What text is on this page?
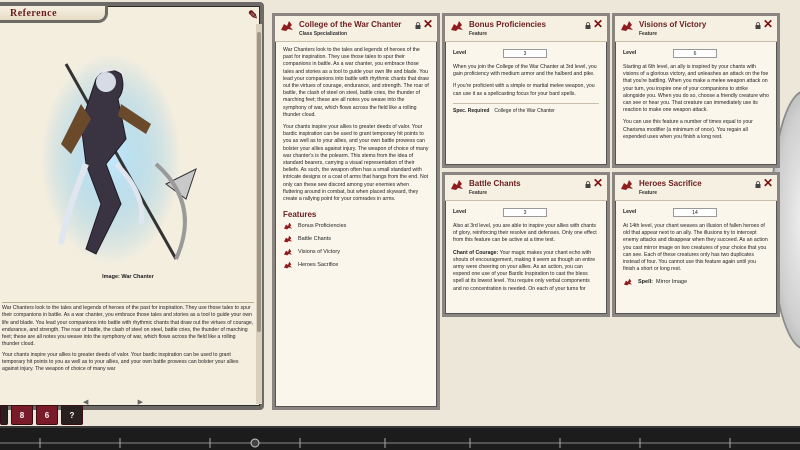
Reference	✎
Image: War Chanter

War Chanters look to the tales and legends of heroes of the past for inspiration. They use those tales to spur their companions in battle. As a war chanter, you embrace those tales and stories as a tool to guide your own life and blade. You lead your companions into battle with rhythmic chants that draw out the virtues of courage, endurance, and strength. The roar of battle, the clash of steel on steel, battle cries, the thunder of marching feet; these are all notes you weave into the symphony of war, which flows across the field like a rolling thunder cloud.

Your chants inspire your allies to greater deeds of valor. Your bardic inspiration can be used to grant temporary hit points to you as well as to your allies, and your own battle prowess can bolster your allies against injury. The weapon of choice of many war

◀	▶
College of the War Chanter
Class Specialization
✕

War Chanters look to the tales and legends of heroes of the past for inspiration. They use those tales to spur their companions in battle. As a war chanter, you embrace those tales and stories as a tool to guide your own life and blade. You lead your companions into battle with rhythmic chants that draw out the virtues of courage, endurance, and strength. The roar of battle, the clash of steel on steel, battle cries, the thunder of marching feet; these are all notes you weave into the symphony of war, which flows across the field like a rolling thunder cloud.

Your chants inspire your allies to greater deeds of valor. Your bardic inspiration can be used to grant temporary hit points to you as well as to your allies, and your own battle prowess can bolster your allies against injury. The weapon of choice of many war chanter's is the polearm. This stems from the idea of standard bearers, carrying a visual representation of their beliefs. As such, the weapon often has a small standard with intricate designs or a coat of arms that hangs from the end. Not only can these sew discord among your enemies when fluttering around in combat, but when placed skyward, they create a rallying point for your comrades in arms.

Features
Bonus Proficiencies
Battle Chants
Visions of Victory
Heroes Sacrifice
Bonus Proficiencies
Feature
✕
Level	3

When you join the College of the War Chanter at 3rd level, you gain proficiency with medium armor and the halberd and pike.

If you're proficient with a simple or martial melee weapon, you can use it as a spellcasting focus for your bard spells.

Spec. Required College of the War Chanter
Visions of Victory
Feature
✕
Level	6

Starting at 6th level, an ally is inspired by your chants with visions of a glorious victory, and unleashes an attack on the foe that you're battling. When you make a melee weapon attack on your turn, you inspire one of your companions to strike alongside you. When you do so, choose a friendly creature who can see or hear you. That creature can immediately use its reaction to make one weapon attack.

You can use this feature a number of times equal to your Charisma modifier (a minimum of once). You regain all expended uses when you finish a long rest.

Battle Chants
Feature
✕
Level	3

Also at 3rd level, you are able to inspire your allies with chants of glory, reinforcing their resolve and defenses. Only one effect from this feature can be active at a time text.

Chant of Courage: Your magic makes your chant echo with shouts of encouragement, making it seem as though an entire army were cheering on your allies. As an action, you can expend one use of your Bardic Inspiration to cast the bless spell at its lowest level. You require only verbal components and no concentration is needed. On each of your turns for

Heroes Sacrifice
Feature
✕
Level	14

At 14th level, your chant weaves an illusion of fallen heroes of old that appear next to an ally. The illusions try to intercept enemy attacks and disappear when they succeed. As an action you cast mirror image on two creatures of your choice that you can see. Each of these creatures only has two duplicates instead of four. You cannot use this feature again until you finish a short or long rest.

Spell: Mirror Image
8	6	?
